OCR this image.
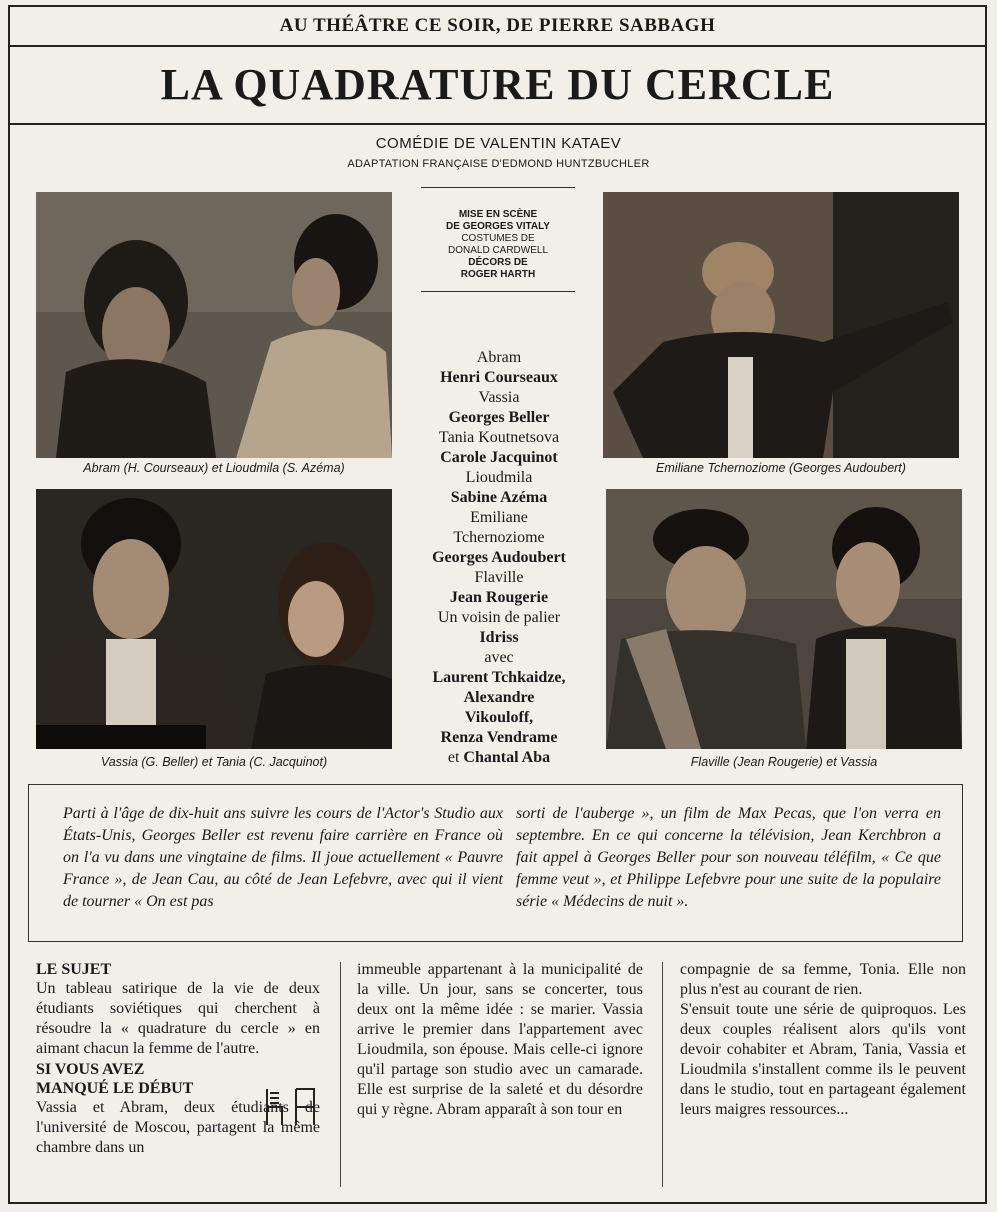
AU THÉÂTRE CE SOIR, DE PIERRE SABBAGH
LA QUADRATURE DU CERCLE
COMÉDIE DE VALENTIN KATAEV
ADAPTATION FRANÇAISE D'EDMOND HUNTZBUCHLER
Abram (H. Courseaux) et Lioudmila (S. Azéma)	Emiliane Tchernoziome (Georges Audoubert)
Vassia (G. Beller) et Tania (C. Jacquinot)	Flaville (Jean Rougerie) et Vassia
MISE EN SCÈNE
DE GEORGES VITALY
COSTUMES DE
DONALD CARDWELL
DÉCORS DE
ROGER HARTH
Abram
Henri Courseaux
Vassia
Georges Beller
Tania Koutnetsova
Carole Jacquinot
Lioudmila
Sabine Azéma
Emiliane
Tchernoziome
Georges Audoubert
Flaville
Jean Rougerie
Un voisin de palier
Idriss
avec
Laurent Tchkaidze,
Alexandre
Vikouloff,
Renza Vendrame
et Chantal Aba
Parti à l'âge de dix-huit ans suivre les cours de l'Actor's Studio aux États-Unis, Georges Beller est revenu faire carrière en France où on l'a vu dans une vingtaine de films. Il joue actuellement « Pauvre France », de Jean Cau, au côté de Jean Lefebvre, avec qui il vient de tourner « On est pas
sorti de l'auberge », un film de Max Pecas, que l'on verra en septembre. En ce qui concerne la télévision, Jean Kerchbron a fait appel à Georges Beller pour son nouveau téléfilm, « Ce que femme veut », et Philippe Lefebvre pour une suite de la populaire série « Médecins de nuit ».
LE SUJET
Un tableau satirique de la vie de deux étudiants soviétiques qui cherchent à résoudre la « quadrature du cercle » en aimant chacun la femme de l'autre.
SI VOUS AVEZ
MANQUÉ LE DÉBUT
Vassia et Abram, deux étudiants de l'université de Moscou, partagent la même chambre dans un
immeuble appartenant à la municipalité de la ville. Un jour, sans se concerter, tous deux ont la même idée : se marier. Vassia arrive le premier dans l'appartement avec Lioudmila, son épouse. Mais celle-ci ignore qu'il partage son studio avec un camarade. Elle est surprise de la saleté et du désordre qui y règne. Abram apparaît à son tour en
compagnie de sa femme, Tonia. Elle non plus n'est au courant de rien.
S'ensuit toute une série de quiproquos. Les deux couples réalisent alors qu'ils vont devoir cohabiter et Abram, Tania, Vassia et Lioudmila s'installent comme ils le peuvent dans le studio, tout en partageant également leurs maigres ressources...
